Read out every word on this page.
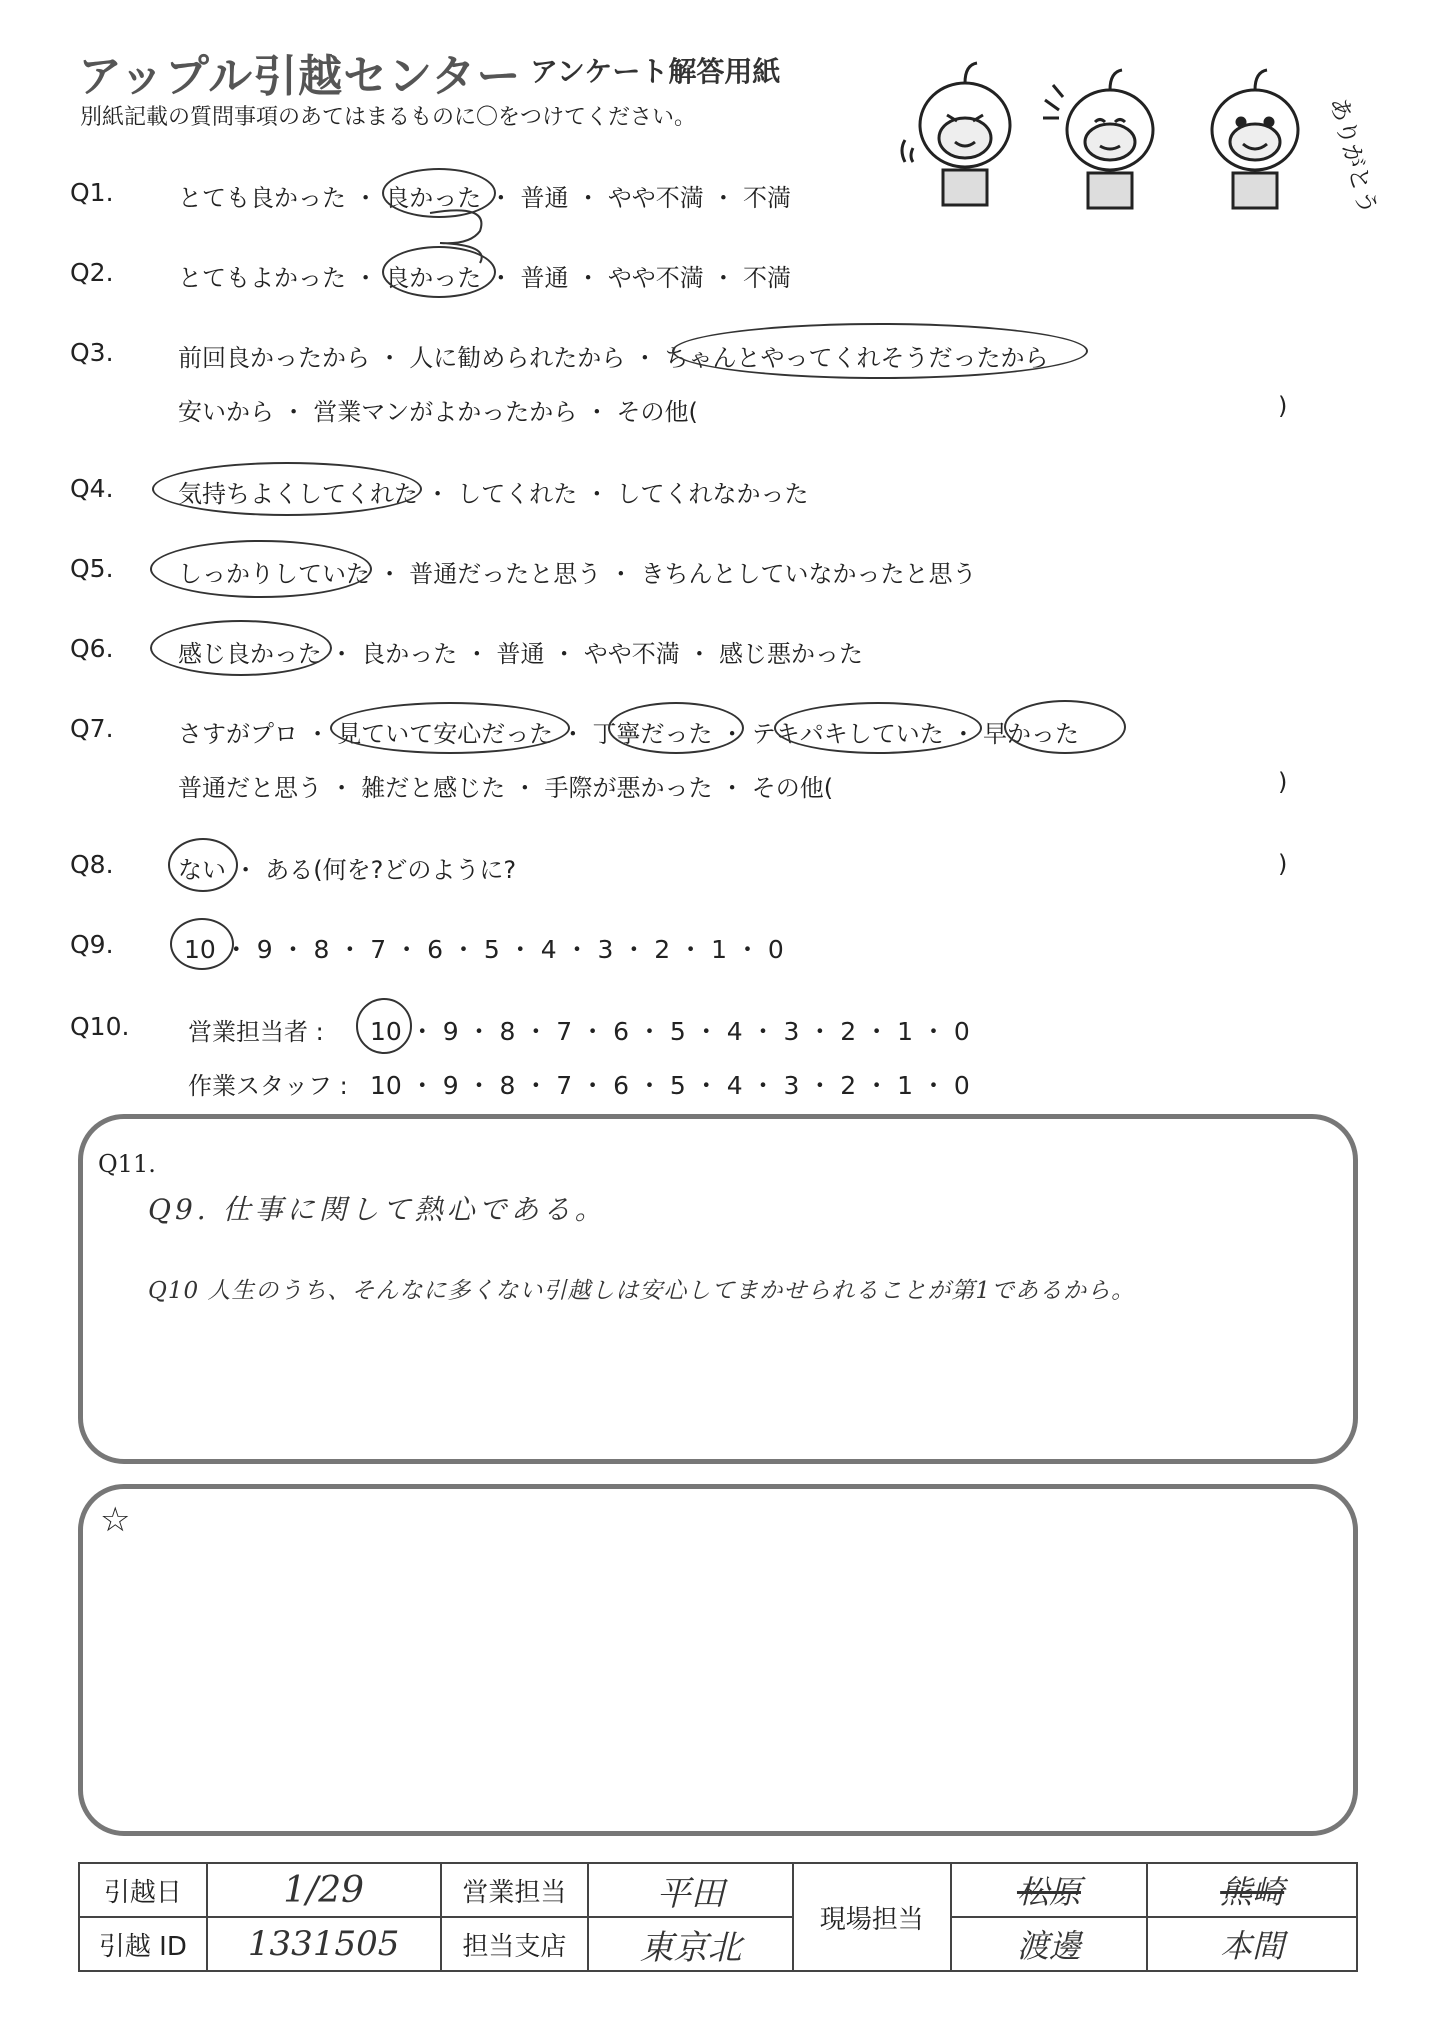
アップル引越センター アンケート解答用紙
別紙記載の質問事項のあてはまるものに〇をつけてください。	ありがとう
Q1.	とても良かった ・ 良かった ・ 普通 ・ やや不満 ・ 不満
Q2.	とてもよかった ・ 良かった ・ 普通 ・ やや不満 ・ 不満
Q3.	前回良かったから ・ 人に勧められたから ・ ちゃんとやってくれそうだったから
安いから ・ 営業マンがよかったから ・ その他(	)
Q4.	気持ちよくしてくれた ・ してくれた ・ してくれなかった
Q5.	しっかりしていた ・ 普通だったと思う ・ きちんとしていなかったと思う
Q6.	感じ良かった ・ 良かった ・ 普通 ・ やや不満 ・ 感じ悪かった
Q7.	さすがプロ ・ 見ていて安心だった ・ 丁寧だった ・ テキパキしていた ・ 早かった
普通だと思う ・ 雑だと感じた ・ 手際が悪かった ・ その他(	)
Q8.	ない ・ ある(何を?どのように?	)
Q9.	10 ・ 9 ・ 8 ・ 7 ・ 6 ・ 5 ・ 4 ・ 3 ・ 2 ・ 1 ・ 0
Q10. 営業担当者 : 10 ・ 9 ・ 8 ・ 7 ・ 6 ・ 5 ・ 4 ・ 3 ・ 2 ・ 1 ・ 0
作業スタッフ : 10 ・ 9 ・ 8 ・ 7 ・ 6 ・ 5 ・ 4 ・ 3 ・ 2 ・ 1 ・ 0
Q11.
Q9. 仕事に関して熱心である。
Q10 人生のうち、そんなに多くない引越しは安心してまかせられることが第1であるから。
☆
引越日	1/29	営業担当	平田	現場担当	松原	熊崎
引越 ID	1331505	担当支店	東京北		渡邊	本間
